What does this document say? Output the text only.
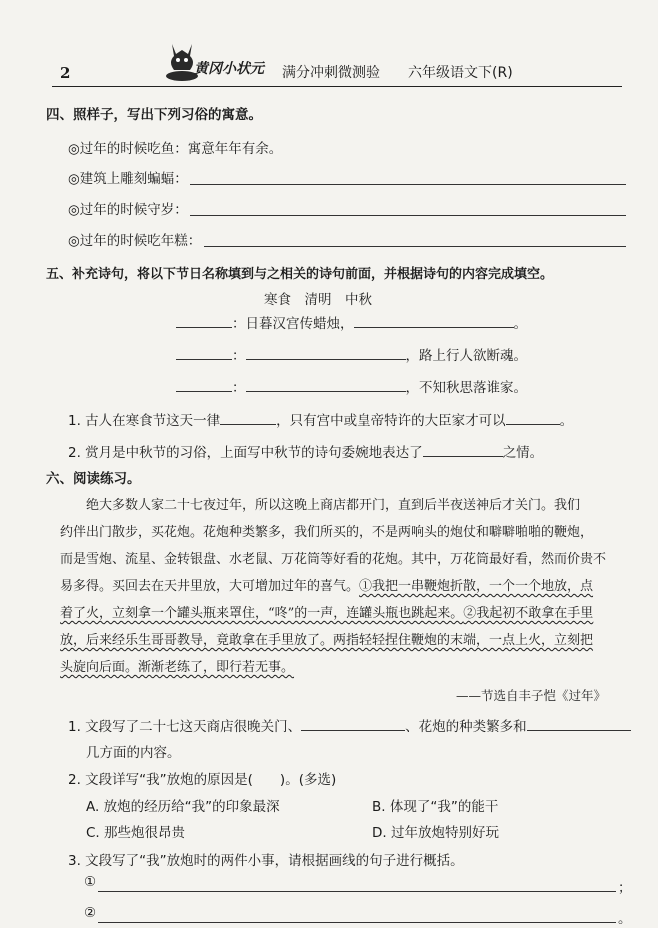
2	黄冈小状元 满分冲刺微测验 六年级语文下(R)
四、照样子，写出下列习俗的寓意。
◎过年的时候吃鱼：寓意年年有余。
◎建筑上雕刻蝙蝠：
◎过年的时候守岁：
◎过年的时候吃年糕：
五、补充诗句，将以下节日名称填到与之相关的诗句前面，并根据诗句的内容完成填空。
寒食　清明　中秋
：日暮汉宫传蜡烛，	。
：	，路上行人欲断魂。
：	，不知秋思落谁家。
1. 古人在寒食节这天一律	，只有宫中或皇帝特许的大臣家才可以	。
2. 赏月是中秋节的习俗，上面写中秋节的诗句委婉地表达了	之情。
六、阅读练习。
绝大多数人家二十七夜过年，所以这晚上商店都开门，直到后半夜送神后才关门。我们
约伴出门散步，买花炮。花炮种类繁多，我们所买的，不是两响头的炮仗和噼噼啪啪的鞭炮，
而是雪炮、流星、金转银盘、水老鼠、万花筒等好看的花炮。其中，万花筒最好看，然而价贵不
易多得。买回去在天井里放，大可增加过年的喜气。①我把一串鞭炮折散，一个一个地放，点
着了火，立刻拿一个罐头瓶来罩住，“咚”的一声，连罐头瓶也跳起来。②我起初不敢拿在手里
放，后来经乐生哥哥教导，竟敢拿在手里放了。两指轻轻捏住鞭炮的末端，一点上火，立刻把
头旋向后面。渐渐老练了，即行若无事。
——节选自丰子恺《过年》
1. 文段写了二十七这天商店很晚关门、	、花炮的种类繁多和
几方面的内容。
2. 文段详写“我”放炮的原因是(　　)。(多选)
A. 放炮的经历给“我”的印象最深	B. 体现了“我”的能干
C. 那些炮很昂贵	D. 过年放炮特别好玩
3. 文段写了“我”放炮时的两件小事，请根据画线的句子进行概括。
①	；
②	。
